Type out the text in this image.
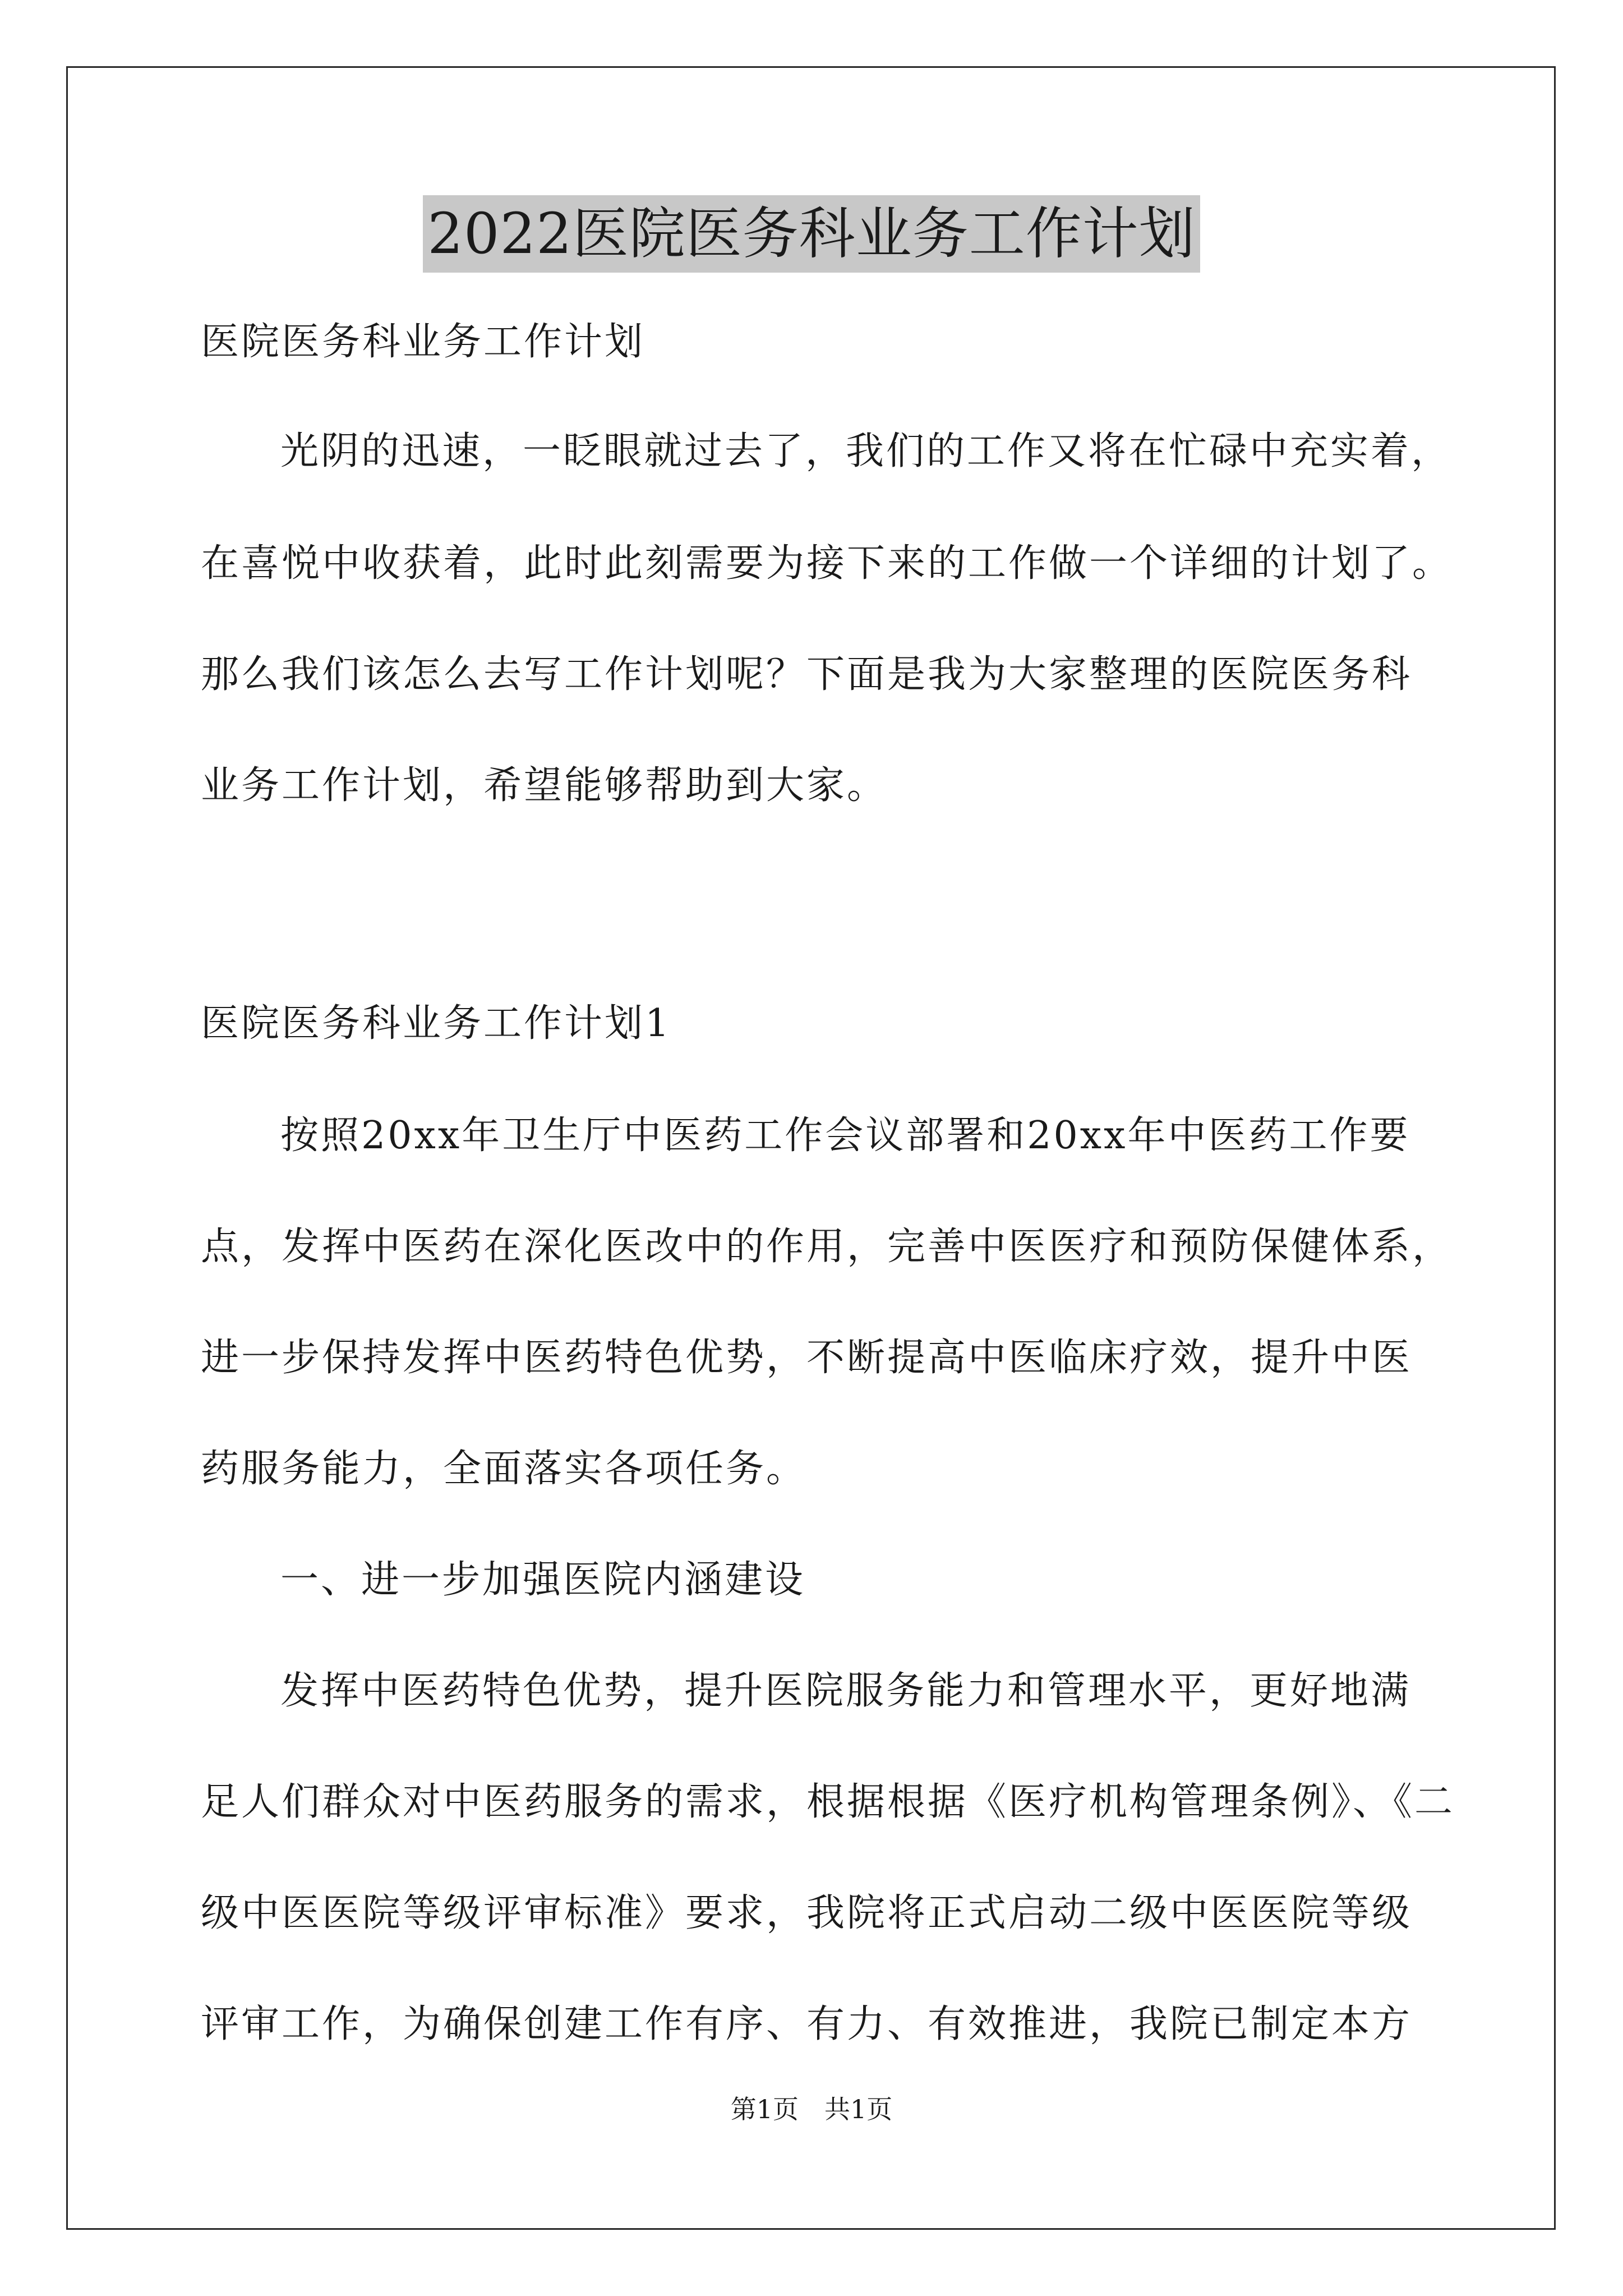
2022医院医务科业务工作计划
医院医务科业务工作计划
光阴的迅速，一眨眼就过去了，我们的工作又将在忙碌中充实着，
在喜悦中收获着，此时此刻需要为接下来的工作做一个详细的计划了。
那么我们该怎么去写工作计划呢？下面是我为大家整理的医院医务科
业务工作计划，希望能够帮助到大家。
医院医务科业务工作计划1
按照20xx年卫生厅中医药工作会议部署和20xx年中医药工作要
点，发挥中医药在深化医改中的作用，完善中医医疗和预防保健体系，
进一步保持发挥中医药特色优势，不断提高中医临床疗效，提升中医
药服务能力，全面落实各项任务。
一、进一步加强医院内涵建设
发挥中医药特色优势，提升医院服务能力和管理水平，更好地满
足人们群众对中医药服务的需求，根据根据《医疗机构管理条例》、《二
级中医医院等级评审标准》要求，我院将正式启动二级中医医院等级
评审工作，为确保创建工作有序、有力、有效推进，我院已制定本方
第1页　共1页
